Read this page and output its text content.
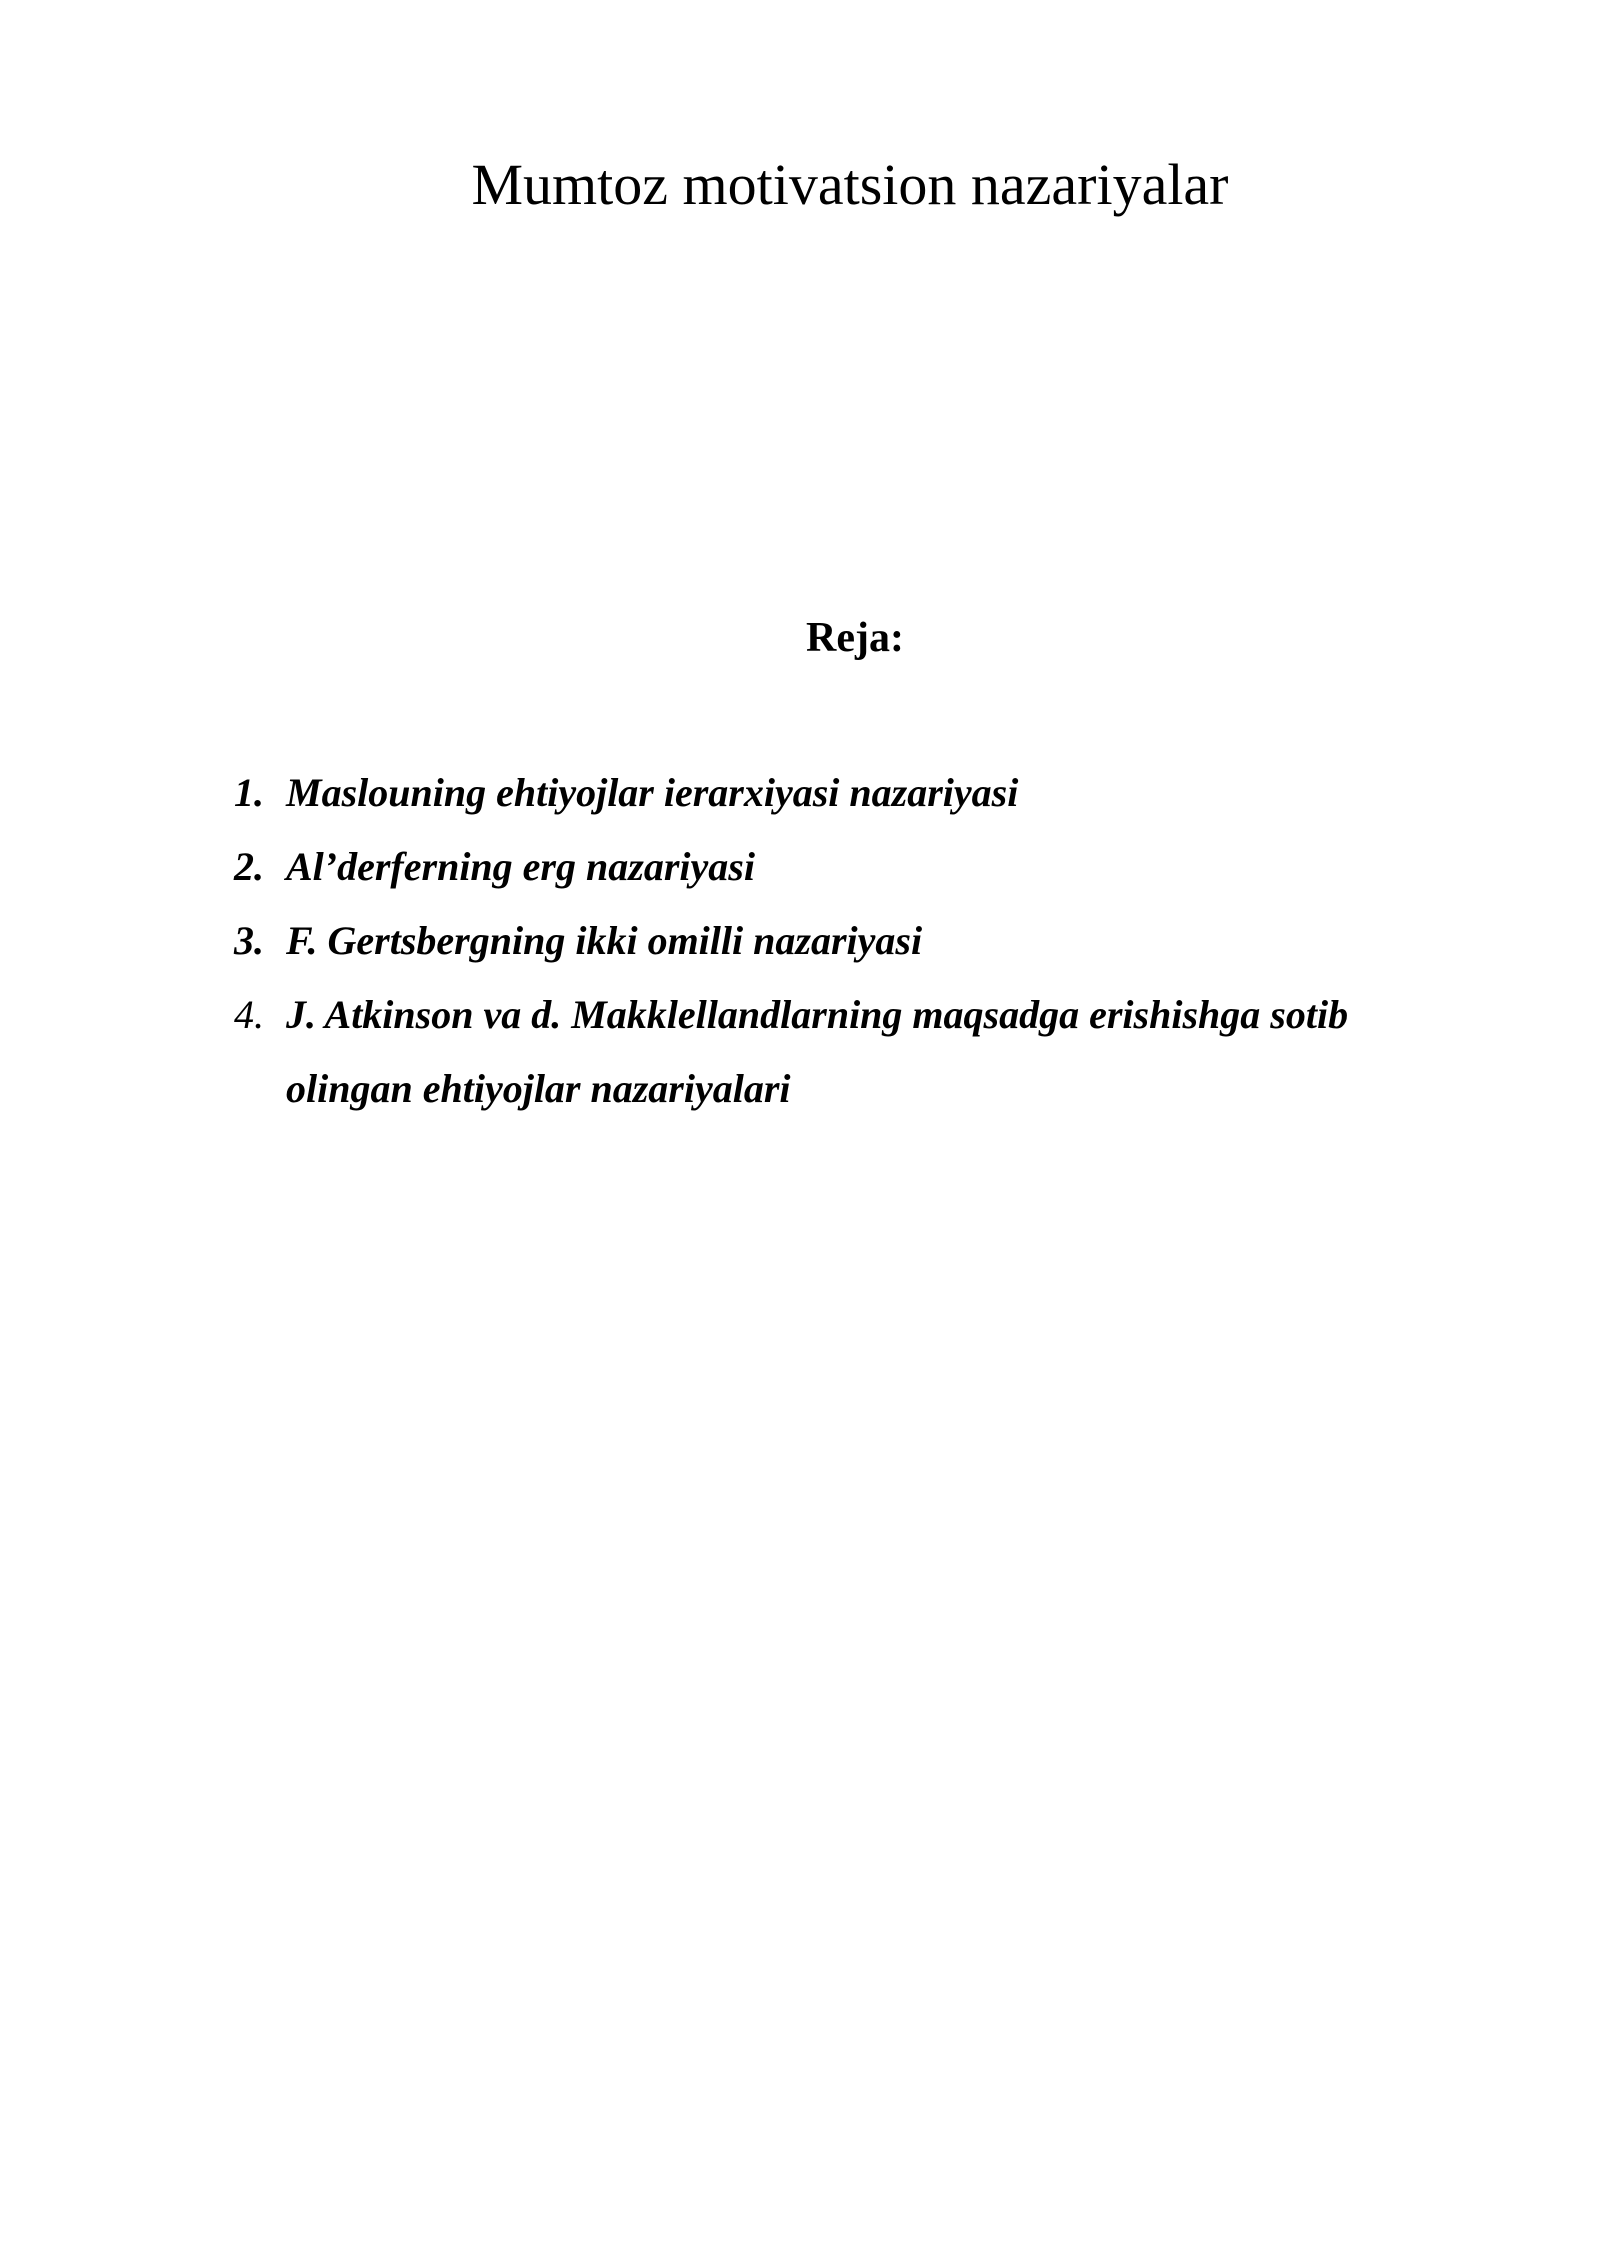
Mumtoz motivatsion nazariyalar
Reja:
1. Maslouning ehtiyojlar ierarxiyasi nazariyasi
2. Al’derferning erg nazariyasi
3. F. Gertsbergning ikki omilli nazariyasi
4. J. Atkinson va d. Makklellandlarning maqsadga erishishga sotib olingan ehtiyojlar nazariyalari
